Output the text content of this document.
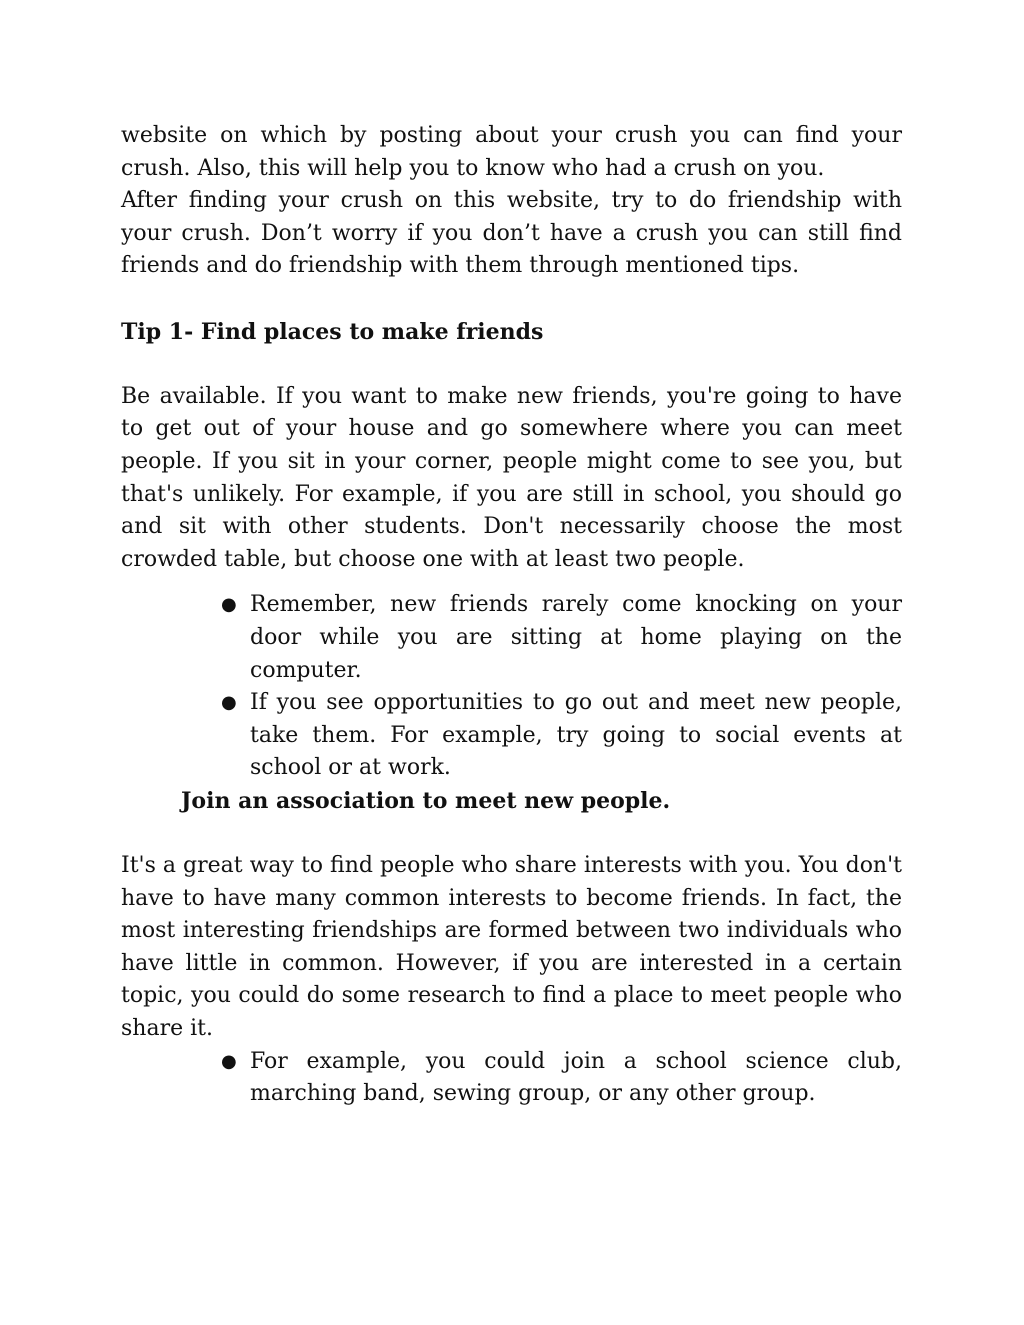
website on which by posting about your crush you can find your crush. Also, this will help you to know who had a crush on you.

After finding your crush on this website, try to do friendship with your crush. Don’t worry if you don’t have a crush you can still find friends and do friendship with them through mentioned tips.

Tip 1- Find places to make friends

Be available. If you want to make new friends, you're going to have to get out of your house and go somewhere where you can meet people. If you sit in your corner, people might come to see you, but that's unlikely. For example, if you are still in school, you should go and sit with other students. Don't necessarily choose the most crowded table, but choose one with at least two people.

● Remember, new friends rarely come knocking on your door while you are sitting at home playing on the computer.
● If you see opportunities to go out and meet new people, take them. For example, try going to social events at school or at work.

Join an association to meet new people.

It's a great way to find people who share interests with you. You don't have to have many common interests to become friends. In fact, the most interesting friendships are formed between two individuals who have little in common. However, if you are interested in a certain topic, you could do some research to find a place to meet people who share it.

● For example, you could join a school science club, marching band, sewing group, or any other group.
